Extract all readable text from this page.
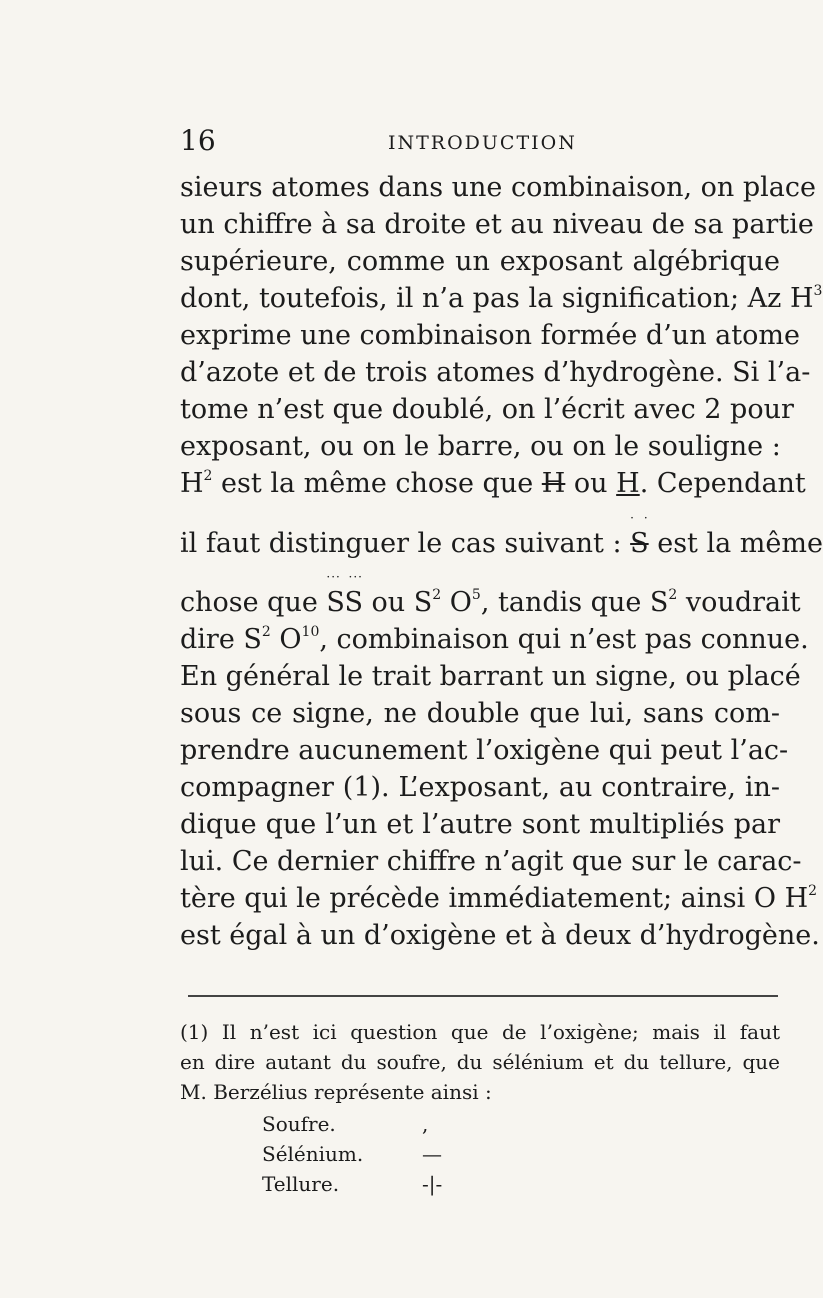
16	INTRODUCTION
sieurs atomes dans une combinaison, on place
un chiffre à sa droite et au niveau de sa partie
supérieure, comme un exposant algébrique
dont, toutefois, il n’a pas la signification; Az $H^3$
exprime une combinaison formée d’un atome
d’azote et de trois atomes d’hydrogène. Si l’a-
tome n’est que doublé, on l’écrit avec 2 pour
exposant, ou on le barre, ou on le souligne :
$H^2$ est la même chose que H ou H. Cependant
il faut distinguer le cas suivant :
· ·
S est la même
chose que
··· ···
SS ou $S^2$ $O^5$, tandis que $S^2$ voudrait
dire $S^2$ $O^{10}$, combinaison qui n’est pas connue.
En général le trait barrant un signe, ou placé
sous ce signe, ne double que lui, sans com-
prendre aucunement l’oxigène qui peut l’ac-
compagner (1). L’exposant, au contraire, in-
dique que l’un et l’autre sont multipliés par
lui. Ce dernier chiffre n’agit que sur le carac-
tère qui le précède immédiatement; ainsi O $H^2$
est égal à un d’oxigène et à deux d’hydrogène.
(1) Il n’est ici question que de l’oxigène; mais il faut
en dire autant du soufre, du sélénium et du tellure, que
M. Berzélius représente ainsi :
Soufre.	,
Sélénium.	—
Tellure.	-|-
